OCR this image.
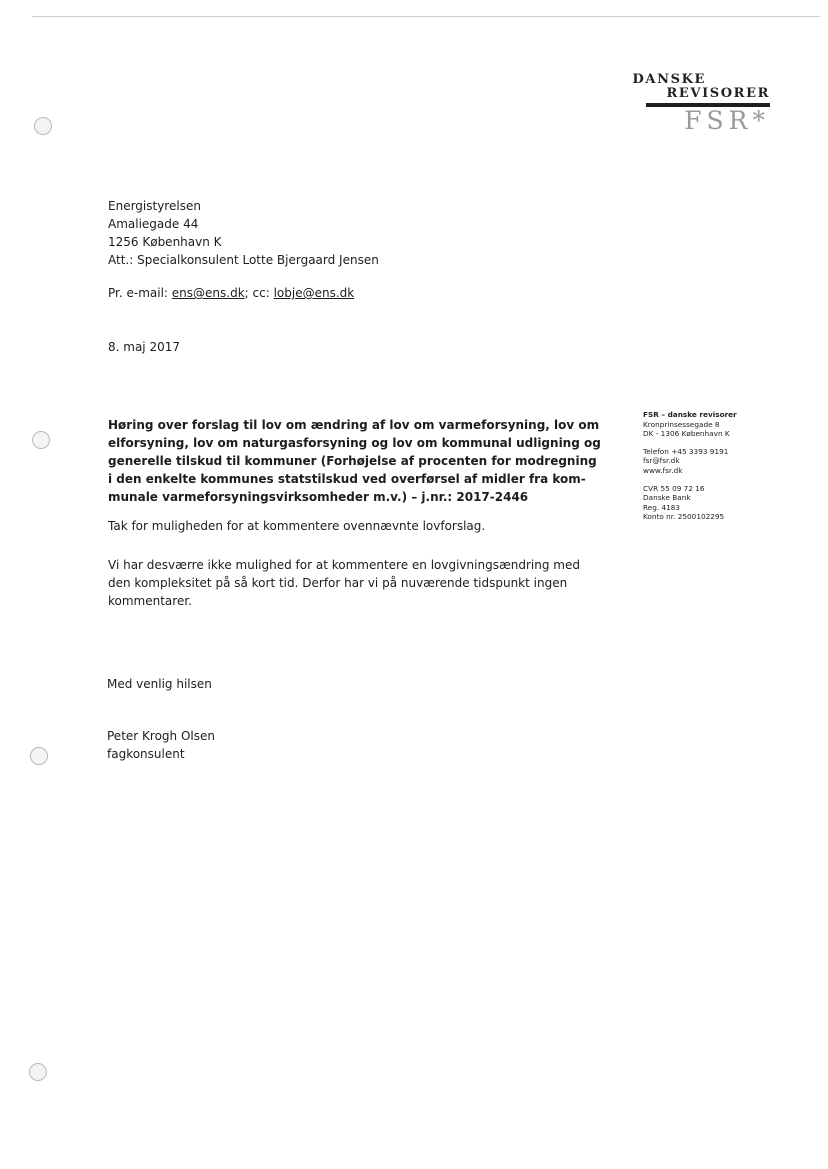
DANSKE
REVISORER
FSR*
Energistyrelsen
Amaliegade 44
1256 København K
Att.: Specialkonsulent Lotte Bjergaard Jensen
Pr. e-mail: ens@ens.dk; cc: lobje@ens.dk
8. maj 2017
Høring over forslag til lov om ændring af lov om varmeforsyning, lov om
elforsyning, lov om naturgasforsyning og lov om kommunal udligning og
generelle tilskud til kommuner (Forhøjelse af procenten for modregning
i den enkelte kommunes statstilskud ved overførsel af midler fra kom-
munale varmeforsyningsvirksomheder m.v.) – j.nr.: 2017-2446
FSR – danske revisorer
Kronprinsessegade 8
DK - 1306 København K
Telefon +45 3393 9191
fsr@fsr.dk
www.fsr.dk
CVR 55 09 72 16
Danske Bank
Reg. 4183
Konto nr. 2500102295
Tak for muligheden for at kommentere ovennævnte lovforslag.
Vi har desværre ikke mulighed for at kommentere en lovgivningsændring med
den kompleksitet på så kort tid. Derfor har vi på nuværende tidspunkt ingen
kommentarer.
Med venlig hilsen
Peter Krogh Olsen
fagkonsulent
